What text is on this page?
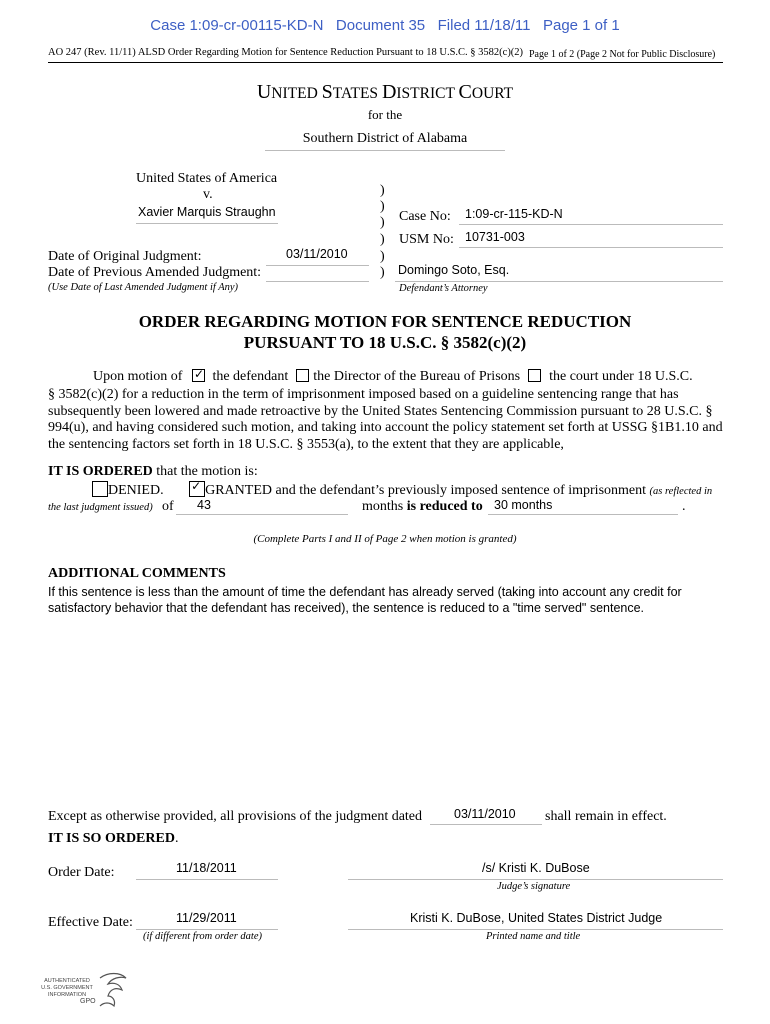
Case 1:09-cr-00115-KD-N   Document 35   Filed 11/18/11   Page 1 of 1
AO 247 (Rev. 11/11) ALSD Order Regarding Motion for Sentence Reduction Pursuant to 18 U.S.C. § 3582(c)(2) Page 1 of 2 (Page 2 Not for Public Disclosure)
UNITED STATES DISTRICT COURT
for the
Southern District of Alabama
United States of America
v.
Xavier Marquis Straughn
Date of Original Judgment:	03/11/2010
Date of Previous Amended Judgment:
(Use Date of Last Amended Judgment if Any)
)
)
)
)
)
)
Case No: 1:09-cr-115-KD-N
USM No: 10731-003
Domingo Soto, Esq.
Defendant’s Attorney
ORDER REGARDING MOTION FOR SENTENCE REDUCTION
PURSUANT TO 18 U.S.C. § 3582(c)(2)
Upon motion of ✓ the defendant the Director of the Bureau of Prisons the court under 18 U.S.C.
§ 3582(c)(2) for a reduction in the term of imprisonment imposed based on a guideline sentencing range that has subsequently been lowered and made retroactive by the United States Sentencing Commission pursuant to 28 U.S.C. § 994(u), and having considered such motion, and taking into account the policy statement set forth at USSG §1B1.10 and the sentencing factors set forth in 18 U.S.C. § 3553(a), to the extent that they are applicable,
IT IS ORDERED that the motion is:
DENIED. ✓	GRANTED and the defendant’s previously imposed sentence of imprisonment (as reflected in
the last judgment issued) of 43	months is reduced to 30 months	.
(Complete Parts I and II of Page 2 when motion is granted)
ADDITIONAL COMMENTS
If this sentence is less than the amount of time the defendant has already served (taking into account any credit for satisfactory behavior that the defendant has received), the sentence is reduced to a "time served" sentence.
Except as otherwise provided, all provisions of the judgment dated	03/11/2010 shall remain in effect.
IT IS SO ORDERED.
Order Date:	11/18/2011	/s/ Kristi K. DuBose
Judge’s signature
Effective Date:	11/29/2011
(if different from order date)
Kristi K. DuBose, United States District Judge
Printed name and title
AUTHENTICATED
U.S. GOVERNMENT
INFORMATION
GPO
